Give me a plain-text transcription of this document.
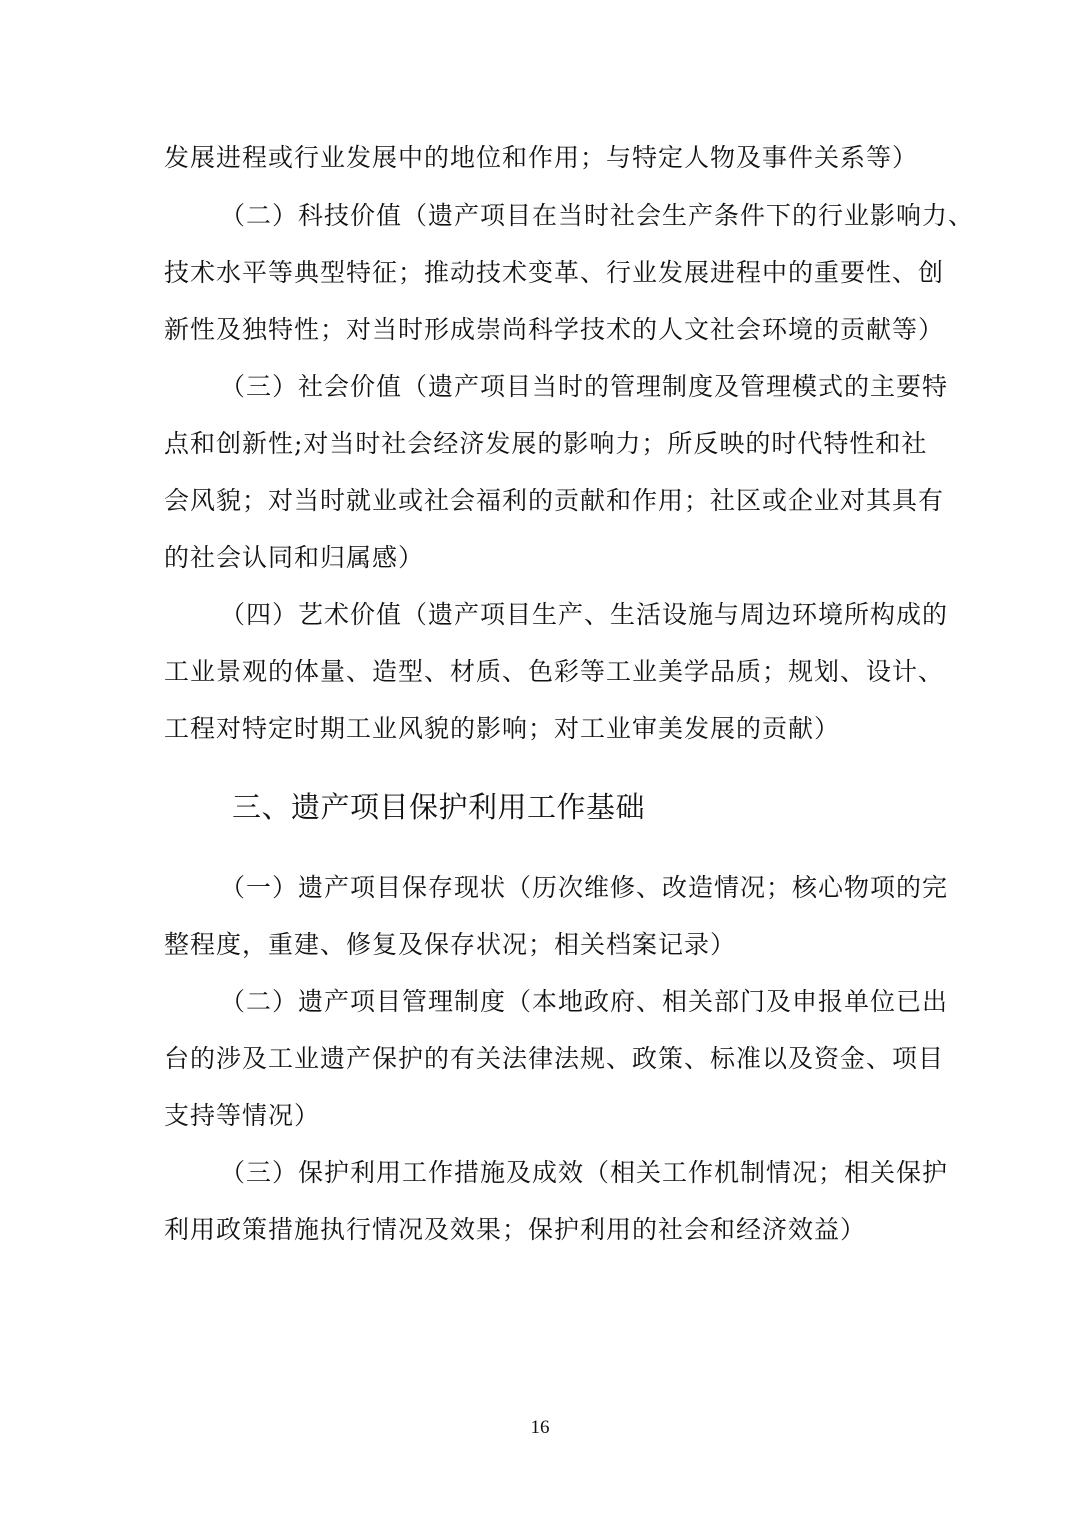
发展进程或行业发展中的地位和作用；与特定人物及事件关系等）
（二）科技价值（遗产项目在当时社会生产条件下的行业影响力、
技术水平等典型特征；推动技术变革、行业发展进程中的重要性、创
新性及独特性；对当时形成崇尚科学技术的人文社会环境的贡献等）
（三）社会价值（遗产项目当时的管理制度及管理模式的主要特
点和创新性;对当时社会经济发展的影响力；所反映的时代特性和社
会风貌；对当时就业或社会福利的贡献和作用；社区或企业对其具有
的社会认同和归属感）
（四）艺术价值（遗产项目生产、生活设施与周边环境所构成的
工业景观的体量、造型、材质、色彩等工业美学品质；规划、设计、
工程对特定时期工业风貌的影响；对工业审美发展的贡献）
三、遗产项目保护利用工作基础
（一）遗产项目保存现状（历次维修、改造情况；核心物项的完
整程度，重建、修复及保存状况；相关档案记录）
（二）遗产项目管理制度（本地政府、相关部门及申报单位已出
台的涉及工业遗产保护的有关法律法规、政策、标准以及资金、项目
支持等情况）
（三）保护利用工作措施及成效（相关工作机制情况；相关保护
利用政策措施执行情况及效果；保护利用的社会和经济效益）
16
